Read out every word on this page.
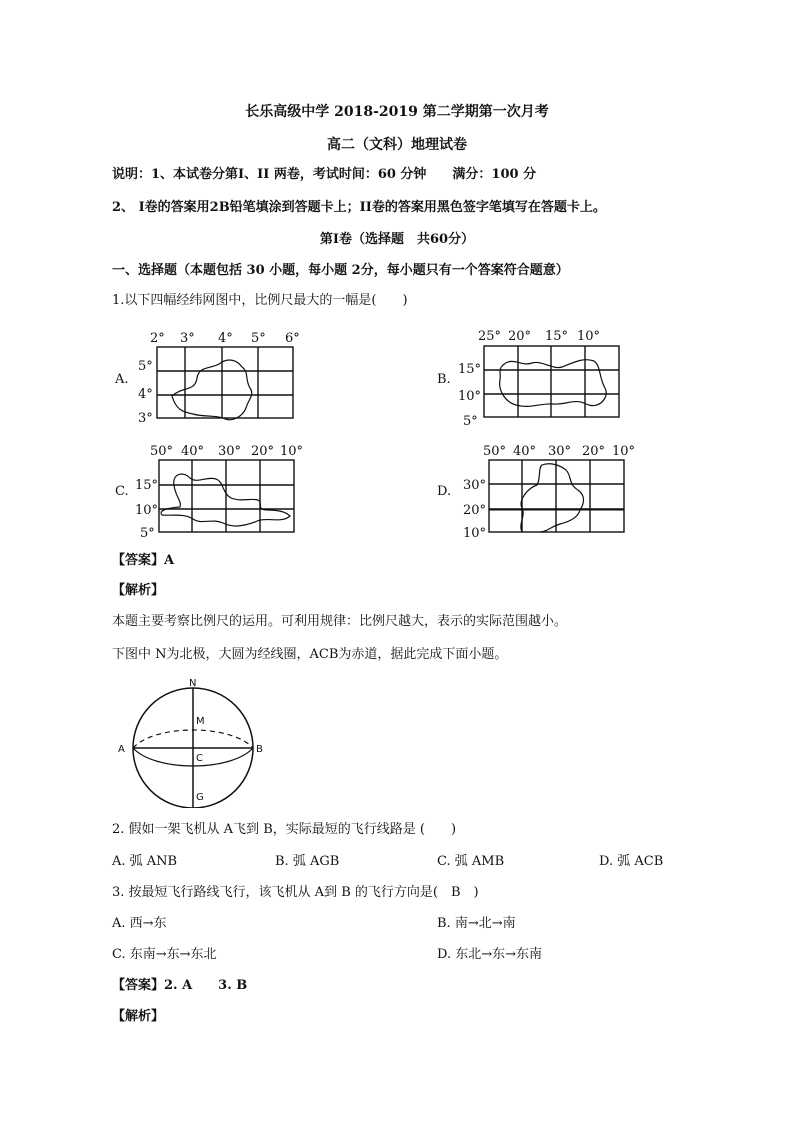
长乐高级中学 2018-2019 第二学期第一次月考
高二（文科）地理试卷
说明：1、本试卷分第Ⅰ、II 两卷，考试时间：60 分钟　　满分：100 分
2、 Ⅰ卷的答案用2B铅笔填涂到答题卡上；II卷的答案用黑色签字笔填写在答题卡上。
第Ⅰ卷（选择题　共60分）
一、选择题（本题包括 30 小题，每小题 2分，每小题只有一个答案符合题意）
1.以下四幅经纬网图中，比例尺最大的一幅是(　　)
A.
2° 3° 4° 5° 6°
5°
4°
3°
B.
25° 20° 15° 10°
15°
10°
5°
C.
50° 40° 30° 20° 10°
15°
10°
5°
D.
50° 40° 30° 20° 10°
30°
20°
10°
【答案】A
【解析】
本题主要考察比例尺的运用。可利用规律：比例尺越大，表示的实际范围越小。
下图中 N为北极，大圆为经线圈，ACB为赤道，据此完成下面小题。
N
M
A	B
C
G
2. 假如一架飞机从 A飞到 B，实际最短的飞行线路是 (　　)
A. 弧 ANB	B. 弧 AGB	C. 弧 AMB	D. 弧 ACB
3. 按最短飞行路线飞行，该飞机从 A到 B 的飞行方向是(　B　)
A. 西→东	B. 南→北→南
C. 东南→东→东北	D. 东北→东→东南
【答案】2. A　　3. B
【解析】
